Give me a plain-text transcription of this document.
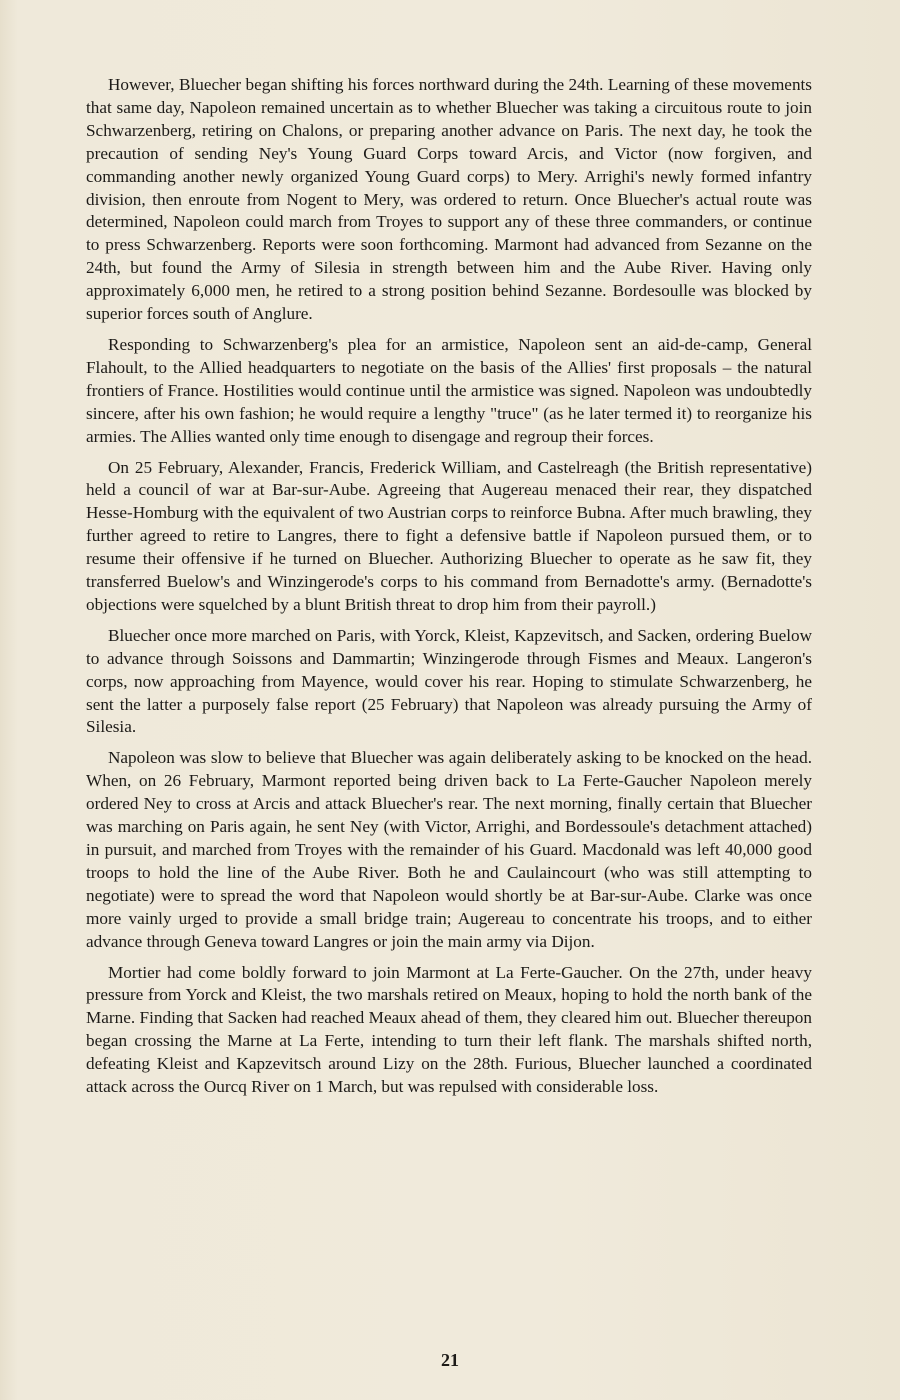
However, Bluecher began shifting his forces northward during the 24th. Learning of these movements that same day, Napoleon remained uncertain as to whether Bluecher was taking a circuitous route to join Schwarzenberg, retiring on Chalons, or preparing another advance on Paris. The next day, he took the precaution of sending Ney's Young Guard Corps toward Arcis, and Victor (now forgiven, and commanding another newly organized Young Guard corps) to Mery. Arrighi's newly formed infantry division, then enroute from Nogent to Mery, was ordered to return. Once Bluecher's actual route was determined, Napoleon could march from Troyes to support any of these three commanders, or continue to press Schwarzenberg. Reports were soon forthcoming. Marmont had advanced from Sezanne on the 24th, but found the Army of Silesia in strength between him and the Aube River. Having only approximately 6,000 men, he retired to a strong position behind Sezanne. Bordesoulle was blocked by superior forces south of Anglure.

Responding to Schwarzenberg's plea for an armistice, Napoleon sent an aid-de-camp, General Flahoult, to the Allied headquarters to negotiate on the basis of the Allies' first proposals – the natural frontiers of France. Hostilities would continue until the armistice was signed. Napoleon was undoubtedly sincere, after his own fashion; he would require a lengthy "truce" (as he later termed it) to reorganize his armies. The Allies wanted only time enough to disengage and regroup their forces.

On 25 February, Alexander, Francis, Frederick William, and Castelreagh (the British representative) held a council of war at Bar-sur-Aube. Agreeing that Augereau menaced their rear, they dispatched Hesse-Homburg with the equivalent of two Austrian corps to reinforce Bubna. After much brawling, they further agreed to retire to Langres, there to fight a defensive battle if Napoleon pursued them, or to resume their offensive if he turned on Bluecher. Authorizing Bluecher to operate as he saw fit, they transferred Buelow's and Winzingerode's corps to his command from Bernadotte's army. (Bernadotte's objections were squelched by a blunt British threat to drop him from their payroll.)

Bluecher once more marched on Paris, with Yorck, Kleist, Kapzevitsch, and Sacken, ordering Buelow to advance through Soissons and Dammartin; Winzingerode through Fismes and Meaux. Langeron's corps, now approaching from Mayence, would cover his rear. Hoping to stimulate Schwarzenberg, he sent the latter a purposely false report (25 February) that Napoleon was already pursuing the Army of Silesia.

Napoleon was slow to believe that Bluecher was again deliberately asking to be knocked on the head. When, on 26 February, Marmont reported being driven back to La Ferte-Gaucher Napoleon merely ordered Ney to cross at Arcis and attack Bluecher's rear. The next morning, finally certain that Bluecher was marching on Paris again, he sent Ney (with Victor, Arrighi, and Bordessoule's detachment attached) in pursuit, and marched from Troyes with the remainder of his Guard. Macdonald was left 40,000 good troops to hold the line of the Aube River. Both he and Caulaincourt (who was still attempting to negotiate) were to spread the word that Napoleon would shortly be at Bar-sur-Aube. Clarke was once more vainly urged to provide a small bridge train; Augereau to concentrate his troops, and to either advance through Geneva toward Langres or join the main army via Dijon.

Mortier had come boldly forward to join Marmont at La Ferte-Gaucher. On the 27th, under heavy pressure from Yorck and Kleist, the two marshals retired on Meaux, hoping to hold the north bank of the Marne. Finding that Sacken had reached Meaux ahead of them, they cleared him out. Bluecher thereupon began crossing the Marne at La Ferte, intending to turn their left flank. The marshals shifted north, defeating Kleist and Kapzevitsch around Lizy on the 28th. Furious, Bluecher launched a coordinated attack across the Ourcq River on 1 March, but was repulsed with considerable loss.

21
